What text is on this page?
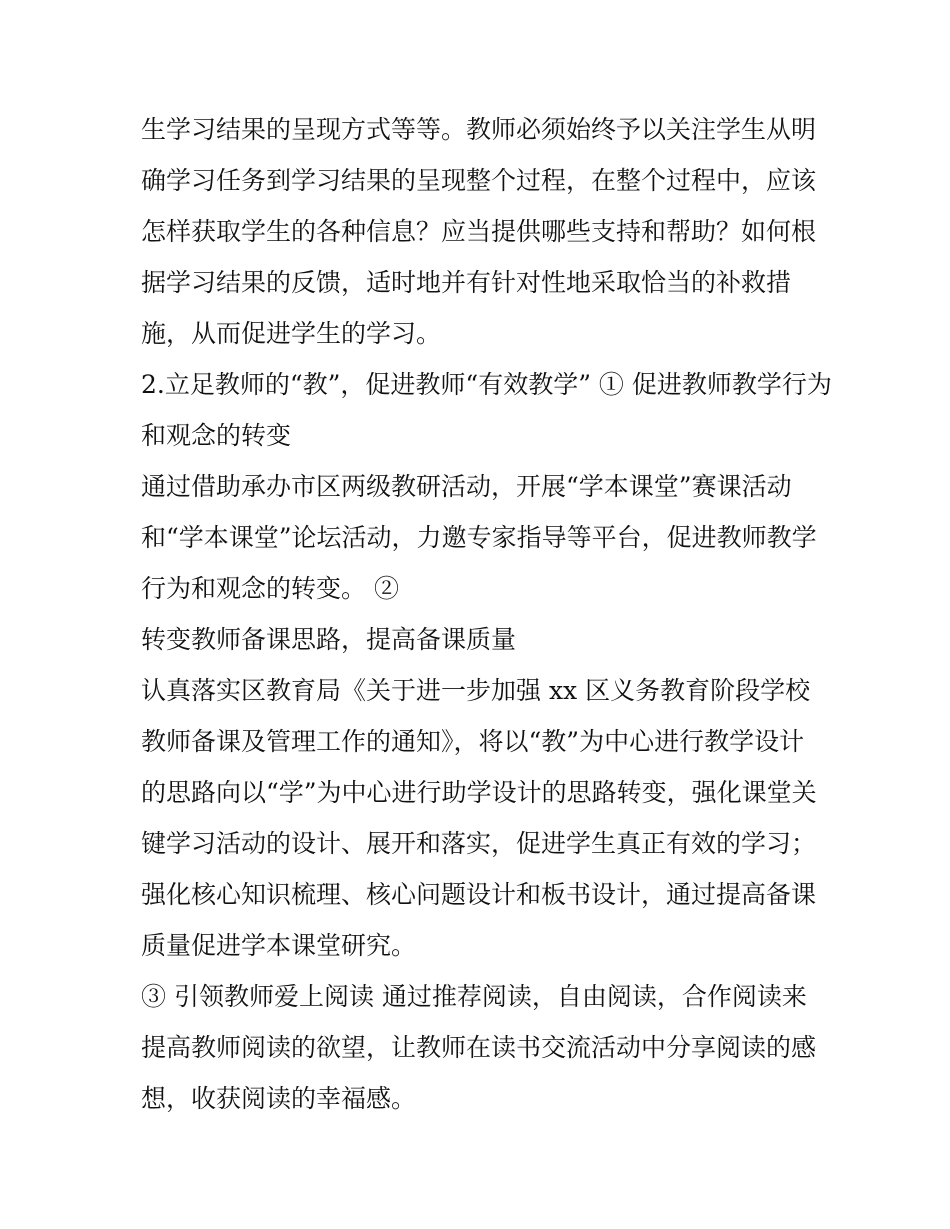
生学习结果的呈现方式等等。教师必须始终予以关注学生从明
确学习任务到学习结果的呈现整个过程，在整个过程中，应该
怎样获取学生的各种信息？应当提供哪些支持和帮助？如何根
据学习结果的反馈，适时地并有针对性地采取恰当的补救措
施，从而促进学生的学习。
2.立足教师的“教”，促进教师“有效教学” ① 促进教师教学行为
和观念的转变
通过借助承办市区两级教研活动，开展“学本课堂”赛课活动
和“学本课堂”论坛活动，力邀专家指导等平台，促进教师教学
行为和观念的转变。 ②
转变教师备课思路，提高备课质量
认真落实区教育局《关于进一步加强 xx 区义务教育阶段学校
教师备课及管理工作的通知》，将以“教”为中心进行教学设计
的思路向以“学”为中心进行助学设计的思路转变，强化课堂关
键学习活动的设计、展开和落实，促进学生真正有效的学习；
强化核心知识梳理、核心问题设计和板书设计，通过提高备课
质量促进学本课堂研究。
③ 引领教师爱上阅读 通过推荐阅读，自由阅读，合作阅读来
提高教师阅读的欲望，让教师在读书交流活动中分享阅读的感
想，收获阅读的幸福感。
